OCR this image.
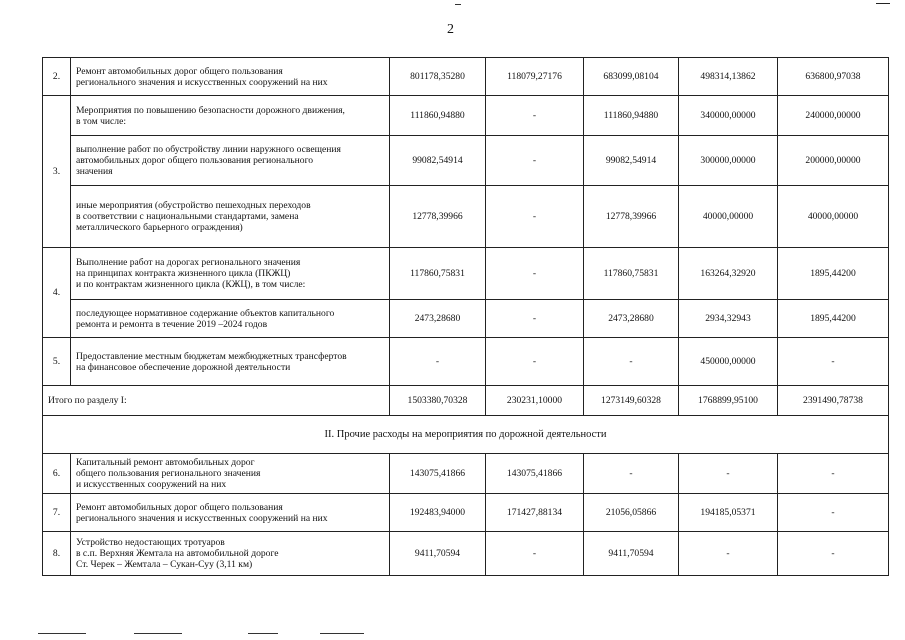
2
2.	Ремонт автомобильных дорог общего пользования
регионального значения и искусственных сооружений на них	801178,35280	118079,27176	683099,08104	498314,13862	636800,97038
3.	Мероприятия по повышению безопасности дорожного движения,
в том числе:	111860,94880	-	111860,94880	340000,00000	240000,00000
	выполнение работ по обустройству линии наружного освещения
автомобильных дорог общего пользования регионального
значения	99082,54914	-	99082,54914	300000,00000	200000,00000
	иные мероприятия (обустройство пешеходных переходов
в соответствии с национальными стандартами, замена
металлического барьерного ограждения)	12778,39966	-	12778,39966	40000,00000	40000,00000
4.	Выполнение работ на дорогах регионального значения
на принципах контракта жизненного цикла (ПКЖЦ)
и по контрактам жизненного цикла (КЖЦ), в том числе:	117860,75831	-	117860,75831	163264,32920	1895,44200
	последующее нормативное содержание объектов капитального
ремонта и ремонта в течение 2019 –2024 годов	2473,28680	-	2473,28680	2934,32943	1895,44200
5.	Предоставление местным бюджетам межбюджетных трансфертов
на финансовое обеспечение дорожной деятельности	-	-	-	450000,00000	-
Итого по разделу I:		1503380,70328	230231,10000	1273149,60328	1768899,95100	2391490,78738
II. Прочие расходы на мероприятия по дорожной деятельности						
6.	Капитальный ремонт автомобильных дорог
общего пользования регионального значения
и искусственных сооружений на них	143075,41866	143075,41866	-	-	-
7.	Ремонт автомобильных дорог общего пользования
регионального значения и искусственных сооружений на них	192483,94000	171427,88134	21056,05866	194185,05371	-
8.	Устройство недостающих тротуаров
в с.п. Верхняя Жемтала на автомобильной дороге
Ст. Черек – Жемтала – Сукан-Суу (3,11 км)	9411,70594	-	9411,70594	-	-
